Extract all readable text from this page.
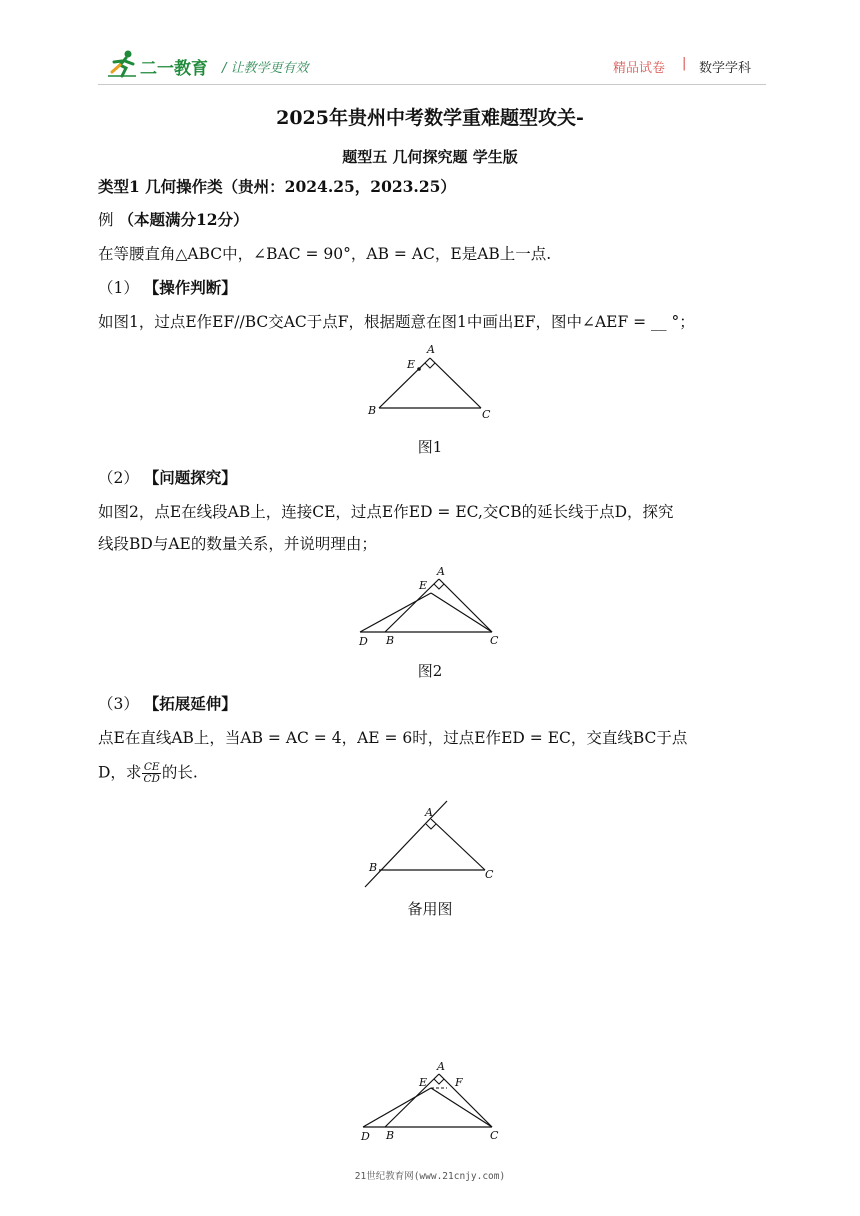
二一教育 / 让教学更有效	精品试卷 | 数学学科
2025年贵州中考数学重难题型攻关-
题型五 几何探究题 学生版
类型1 几何操作类（贵州：2024.25，2023.25）
例 （本题满分12分）
在等腰直角△ABC中，∠BAC = 90°，AB = AC，E是AB上一点.
（1） 【操作判断】
如图1，过点E作EF//BC交AC于点F，根据题意在图1中画出EF，图中∠AEF = __ °；
A
E
B	C
图1
（2） 【问题探究】
如图2，点E在线段AB上，连接CE，过点E作ED = EC,交CB的延长线于点D，探究
线段BD与AE的数量关系，并说明理由；
A
E
D B	C
图2
（3） 【拓展延伸】
点E在直线AB上，当AB = AC = 4，AE = 6时，过点E作ED = EC，交直线BC于点
D，求 $\frac{CE}{CD}$ 的长.
A
B
C
备用图
A
E	F
D B	C
21世纪教育网(www.21cnjy.com)
